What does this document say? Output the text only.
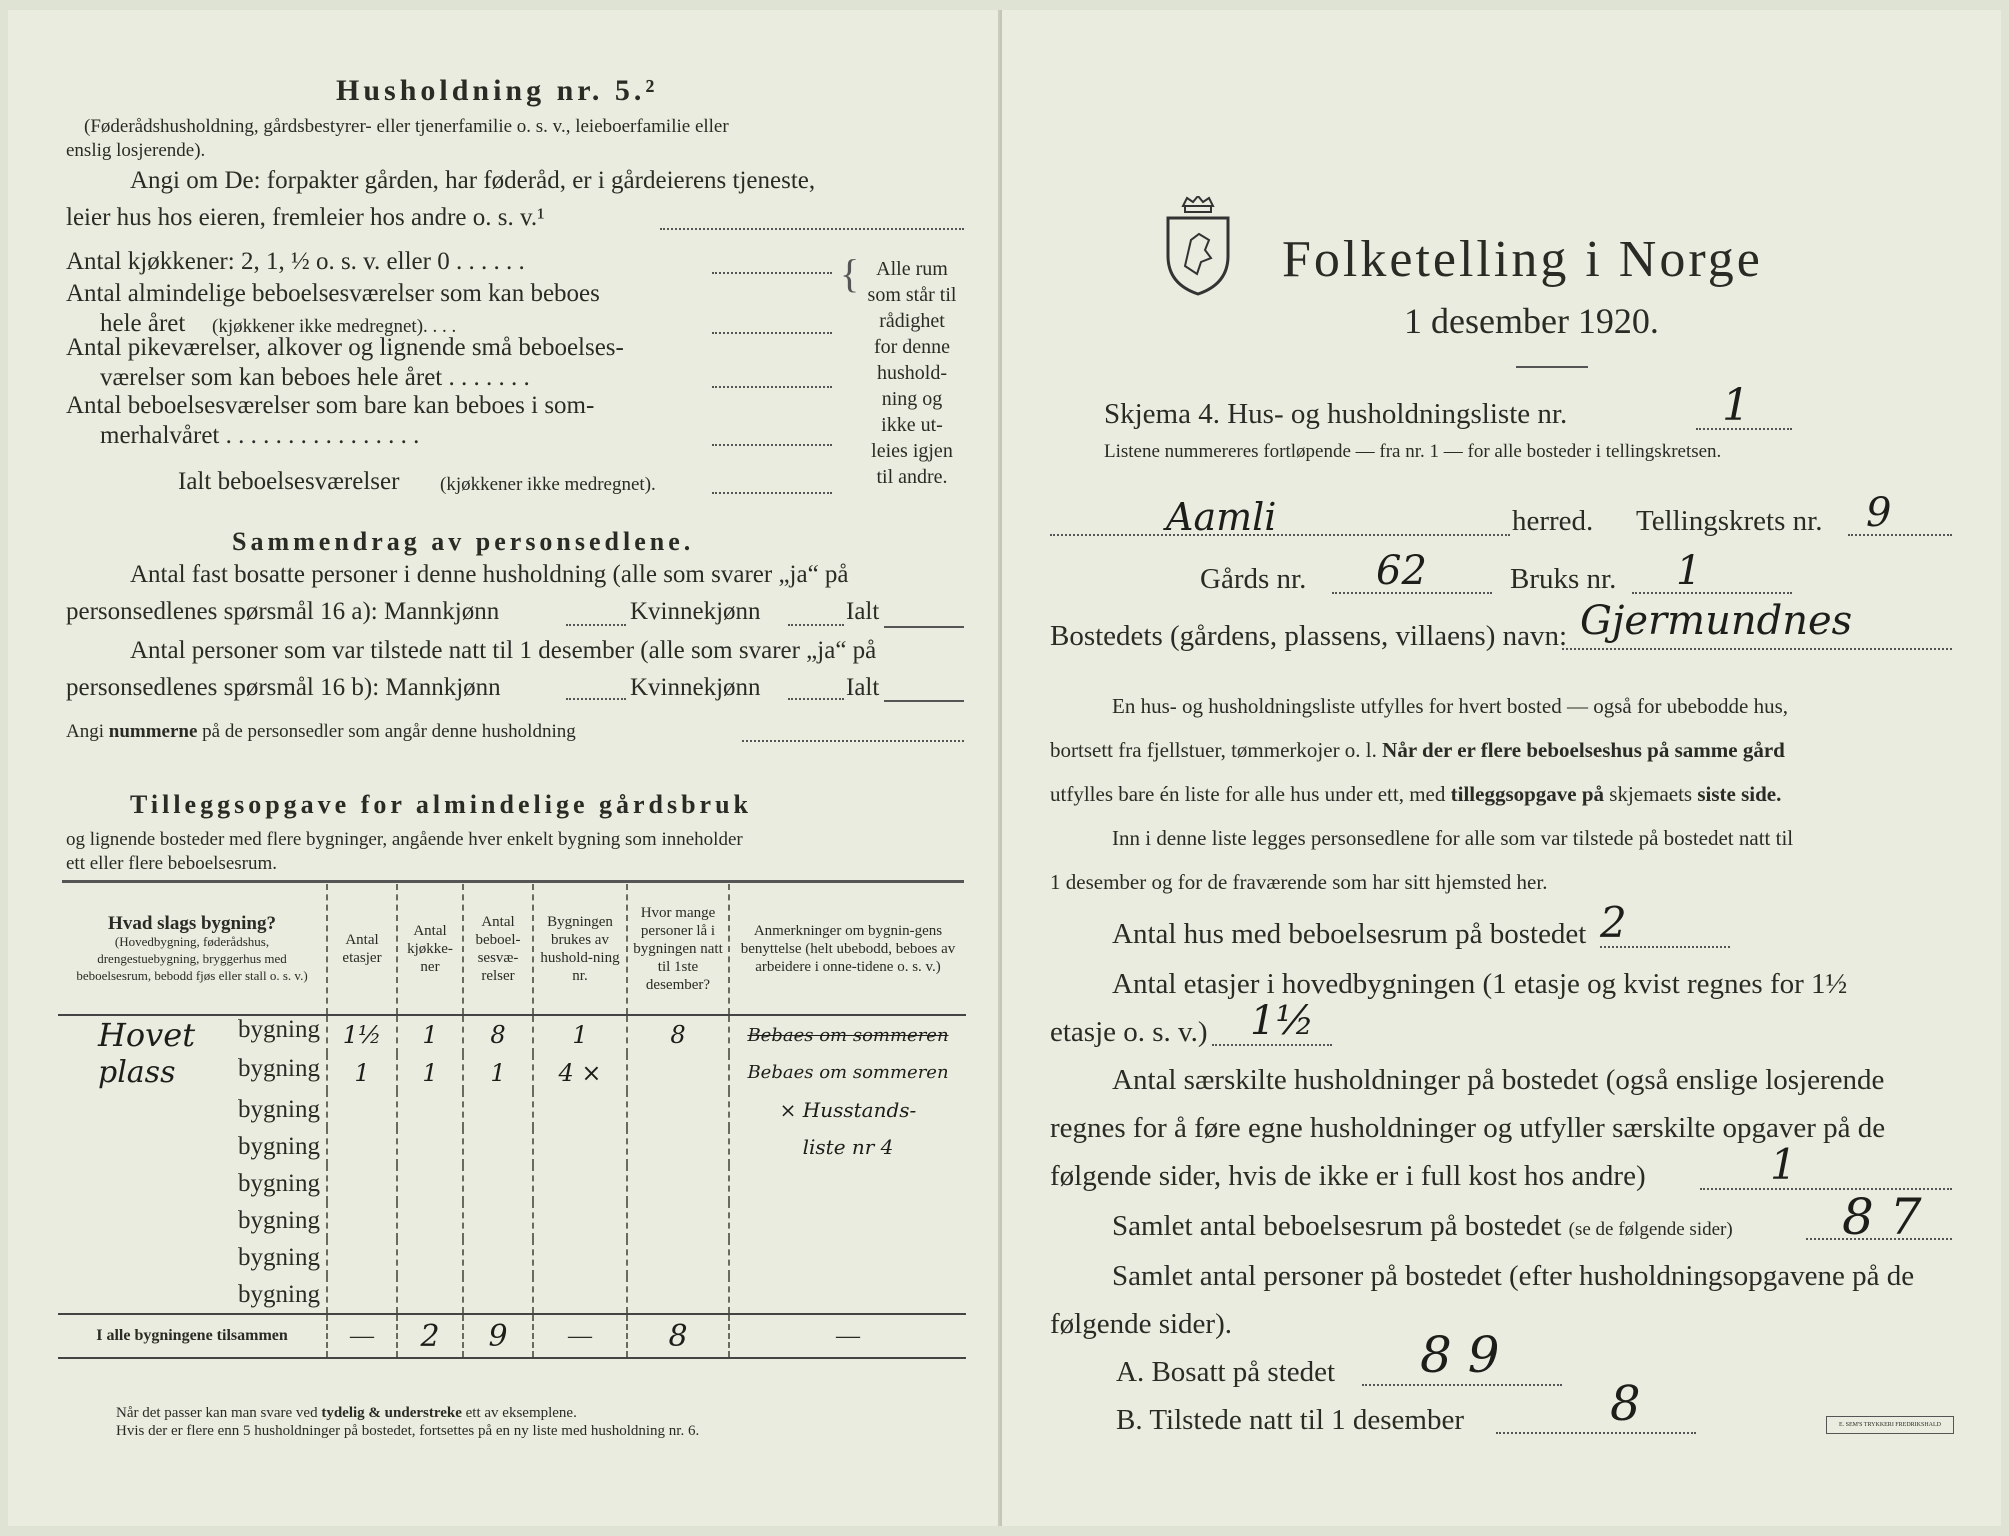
Husholdning nr. 5.²
(Føderådshusholdning, gårdsbestyrer- eller tjenerfamilie o. s. v., leieboerfamilie eller
enslig losjerende).
Angi om De: forpakter gården, har føderåd, er i gårdeierens tjeneste,
leier hus hos eieren, fremleier hos andre o. s. v.¹
Antal kjøkkener: 2, 1, ½ o. s. v. eller 0 . . . . . .
Antal almindelige beboelsesværelser som kan beboes
hele året (kjøkkener ikke medregnet). . . .
Antal pikeværelser, alkover og lignende små beboelses-
værelser som kan beboes hele året . . . . . . .
Antal beboelsesværelser som bare kan beboes i som-
merhalvåret . . . . . . . . . . . . . . . .
Ialt beboelsesværelser (kjøkkener ikke medregnet).
{ Alle rum
som står til
rådighet
for denne
hushold-
ning og
ikke ut-
leies igjen
til andre.
Sammendrag av personsedlene.
Antal fast bosatte personer i denne husholdning (alle som svarer „ja“ på
personsedlenes spørsmål 16 a): Mannkjønn	Kvinnekjønn	Ialt
Antal personer som var tilstede natt til 1 desember (alle som svarer „ja“ på
personsedlenes spørsmål 16 b): Mannkjønn	Kvinnekjønn	Ialt
Angi nummerne på de personsedler som angår denne husholdning
Tilleggsopgave for almindelige gårdsbruk
og lignende bosteder med flere bygninger, angående hver enkelt bygning som inneholder
ett eller flere beboelsesrum.
Hvad slags bygning?
(Hovedbygning, føderådshus, drengestuebygning, bryggerhus med beboelsesrum, bebodd fjøs eller stall o. s. v.)	Antal etasjer	Antal kjøkke-ner	Antal beboel-sesvæ-relser	Bygningen brukes av hushold-ning nr.	Hvor mange personer lå i bygningen natt til 1ste desember?	Anmerkninger om bygnin-gens benyttelse (helt ubebodd, beboes av arbeidere i onne-tidene o. s. v.)

Hovet bygning	1½	1	8	1	8	Bebaes om sommeren

plass bygning	1	1	1	4 ×		Bebaes om sommeren
bygning						× Husstands-
bygning						liste nr 4
bygning						
bygning						
bygning						
bygning						
I alle bygningene tilsammen	—	2	9	—	8	—
Når det passer kan man svare ved tydelig & understreke ett av eksemplene.
Hvis der er flere enn 5 husholdninger på bostedet, fortsettes på en ny liste med husholdning nr. 6.
Folketelling i Norge
1 desember 1920.
Skjema 4. Hus- og husholdningsliste nr.	1
Listene nummereres fortløpende — fra nr. 1 — for alle bosteder i tellingskretsen.
Aamli	herred. Tellingskrets nr. 9
Gårds nr. 62	Bruks nr. 1
Bostedets (gårdens, plassens, villaens) navn: Gjermundnes
En hus- og husholdningsliste utfylles for hvert bosted — også for ubebodde hus,
bortsett fra fjellstuer, tømmerkojer o. l. Når der er flere beboelseshus på samme gård
utfylles bare én liste for alle hus under ett, med tilleggsopgave på skjemaets siste side.
Inn i denne liste legges personsedlene for alle som var tilstede på bostedet natt til
1 desember og for de fraværende som har sitt hjemsted her.
Antal hus med beboelsesrum på bostedet 2
Antal etasjer i hovedbygningen (1 etasje og kvist regnes for 1½
etasje o. s. v.) 1½
Antal særskilte husholdninger på bostedet (også enslige losjerende
regnes for å føre egne husholdninger og utfyller særskilte opgaver på de
følgende sider, hvis de ikke er i full kost hos andre)	1
Samlet antal beboelsesrum på bostedet (se de følgende sider) 8 7
Samlet antal personer på bostedet (efter husholdningsopgavene på de
følgende sider).
A. Bosatt på stedet 8 9
B. Tilstede natt til 1 desember	8	E. SEM'S TRYKKERI FREDRIKSHALD
